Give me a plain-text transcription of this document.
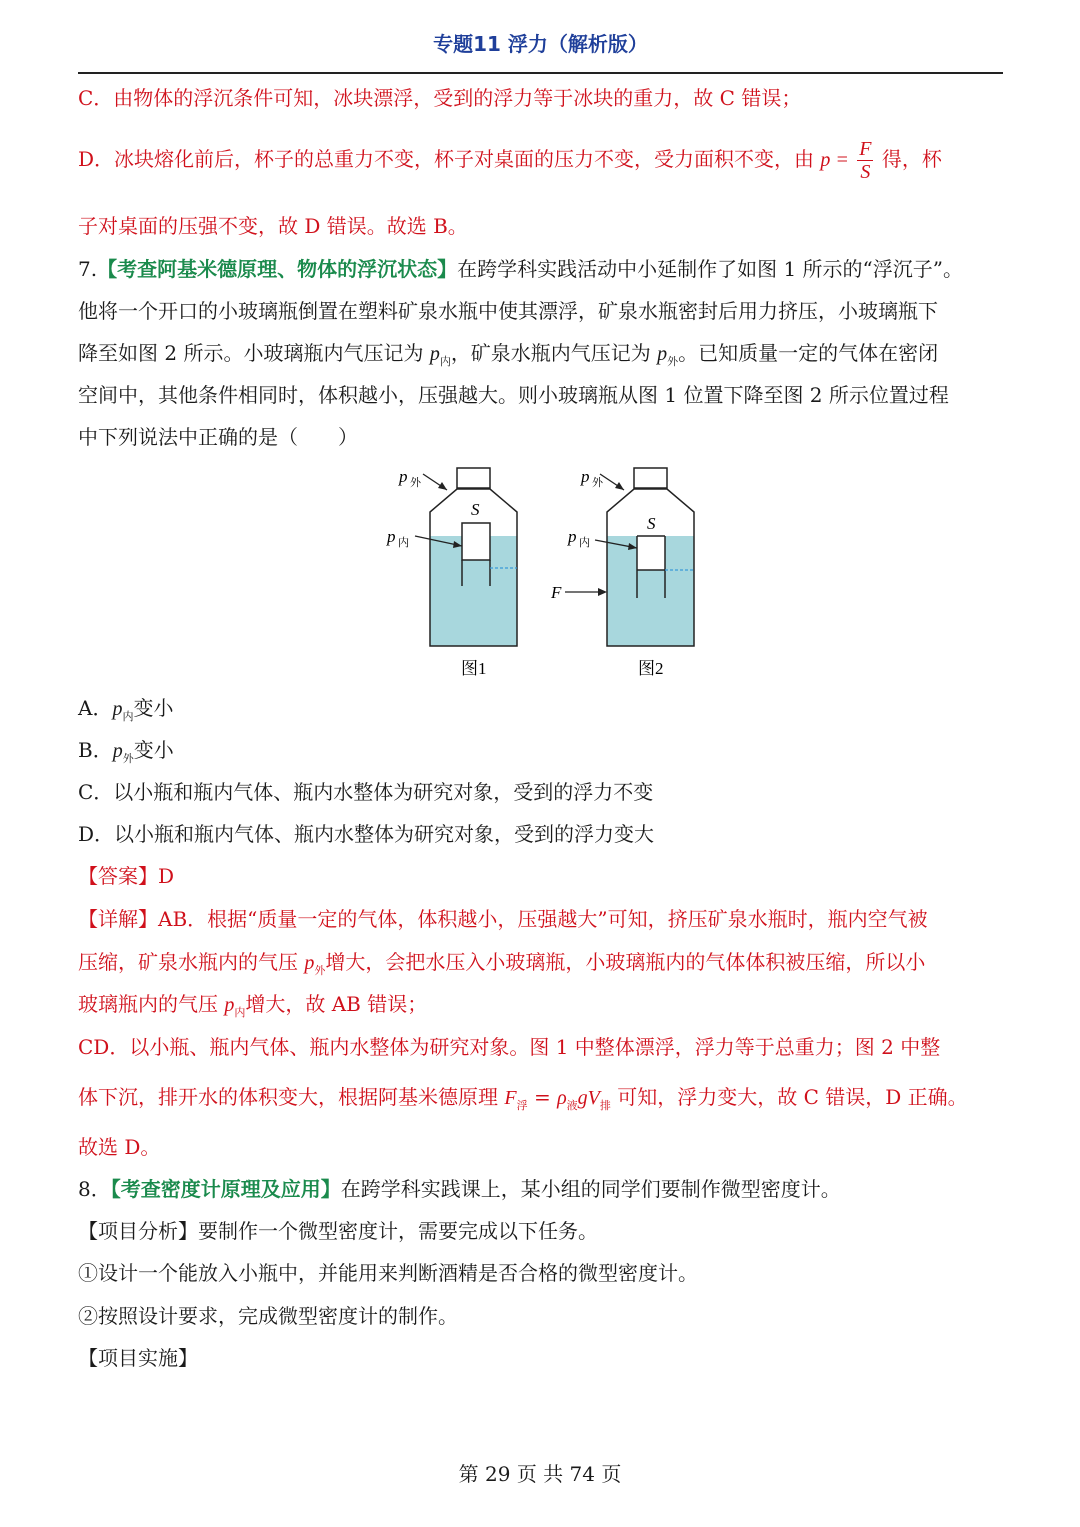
专题11 浮力（解析版）
C．由物体的浮沉条件可知，冰块漂浮，受到的浮力等于冰块的重力，故 C 错误；
D．冰块熔化前后，杯子的总重力不变，杯子对桌面的压力不变，受力面积不变，由 $p = \frac{F}{S}$ 得，杯
子对桌面的压强不变，故 D 错误。故选 B。
7.【考查阿基米德原理、物体的浮沉状态】在跨学科实践活动中小延制作了如图 1 所示的“浮沉子”。
他将一个开口的小玻璃瓶倒置在塑料矿泉水瓶中使其漂浮，矿泉水瓶密封后用力挤压，小玻璃瓶下
降至如图 2 所示。小玻璃瓶内气压记为 $p_内$，矿泉水瓶内气压记为 $p_外$。已知质量一定的气体在密闭
空间中，其他条件相同时，体积越小，压强越大。则小玻璃瓶从图 1 位置下降至图 2 所示位置过程
中下列说法中正确的是（　　）
p 外
S
p 内
图1
p 外
S
p 内
F
图2
A．$p_内$变小
B．$p_外$变小
C．以小瓶和瓶内气体、瓶内水整体为研究对象，受到的浮力不变
D．以小瓶和瓶内气体、瓶内水整体为研究对象，受到的浮力变大
【答案】D
【详解】AB．根据“质量一定的气体，体积越小，压强越大”可知，挤压矿泉水瓶时，瓶内空气被
压缩，矿泉水瓶内的气压 $p_外$增大，会把水压入小玻璃瓶，小玻璃瓶内的气体体积被压缩，所以小
玻璃瓶内的气压 $p_内$增大，故 AB 错误；
CD．以小瓶、瓶内气体、瓶内水整体为研究对象。图 1 中整体漂浮，浮力等于总重力；图 2 中整
体下沉，排开水的体积变大，根据阿基米德原理 $F_浮 = \rho_液gV_排$ 可知，浮力变大，故 C 错误，D 正确。
故选 D。
8．【考查密度计原理及应用】在跨学科实践课上，某小组的同学们要制作微型密度计。
【项目分析】要制作一个微型密度计，需要完成以下任务。
①设计一个能放入小瓶中，并能用来判断酒精是否合格的微型密度计。
②按照设计要求，完成微型密度计的制作。
【项目实施】
第 29 页 共 74 页
